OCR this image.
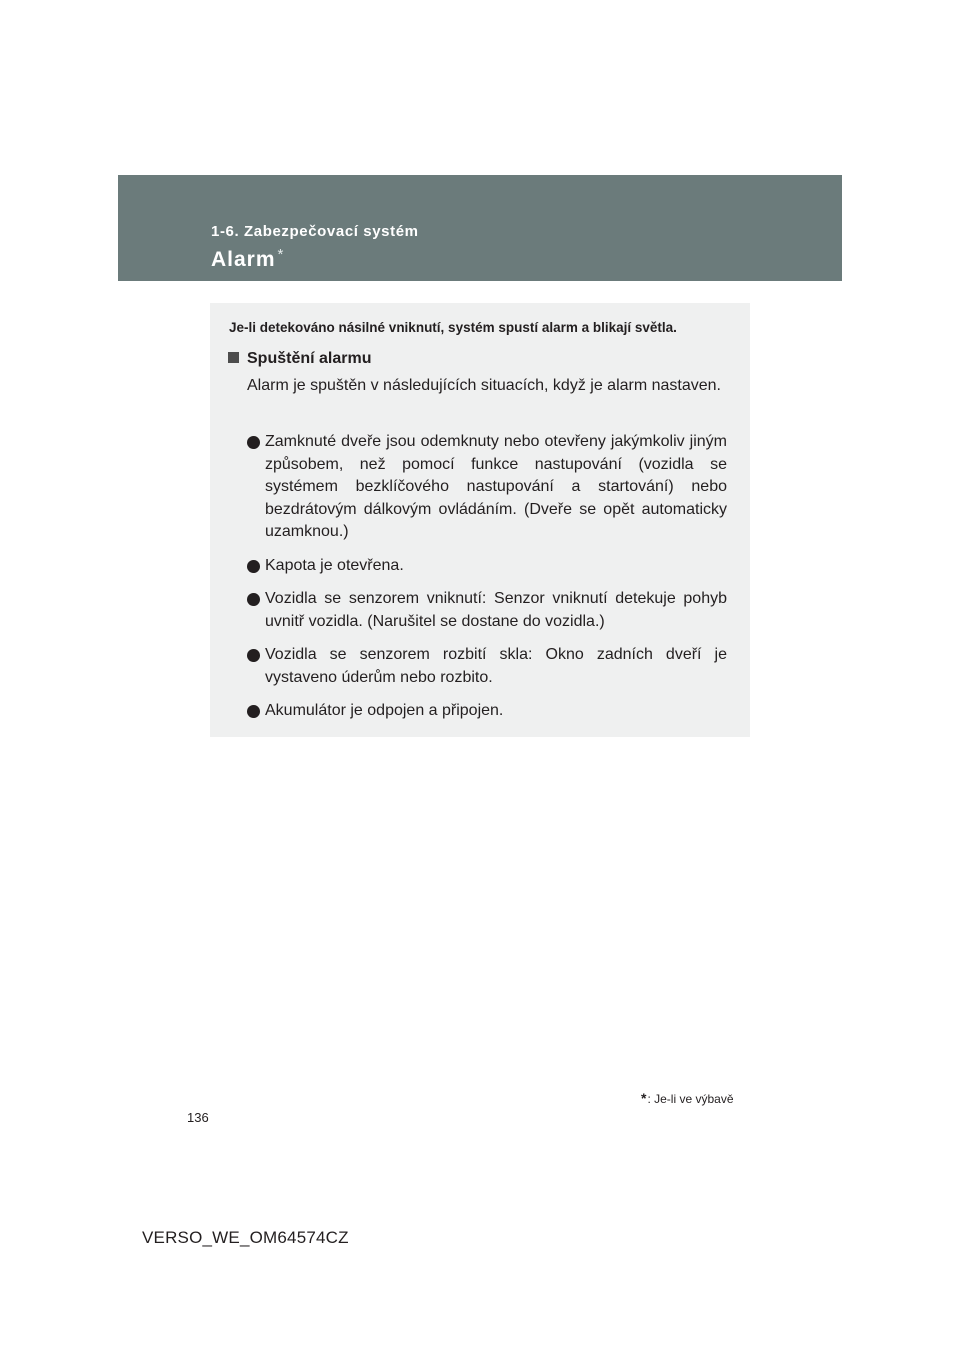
1-6. Zabezpečovací systém
Alarm *
Je-li detekováno násilné vniknutí, systém spustí alarm a blikají světla.
Spuštění alarmu
Alarm je spuštěn v následujících situacích, když je alarm nastaven.
Zamknuté dveře jsou odemknuty nebo otevřeny jakýmkoliv jiným způsobem, než pomocí funkce nastupování (vozidla se systémem bezklíčového nastupování a startování) nebo bezdrátovým dálkovým ovládáním. (Dveře se opět automaticky uzamknou.)
Kapota je otevřena.
Vozidla se senzorem vniknutí: Senzor vniknutí detekuje pohyb uvnitř vozidla. (Narušitel se dostane do vozidla.)
Vozidla se senzorem rozbití skla: Okno zadních dveří je vystaveno úderům nebo rozbito.
Akumulátor je odpojen a připojen.
*: Je-li ve výbavě
136
VERSO_WE_OM64574CZ
